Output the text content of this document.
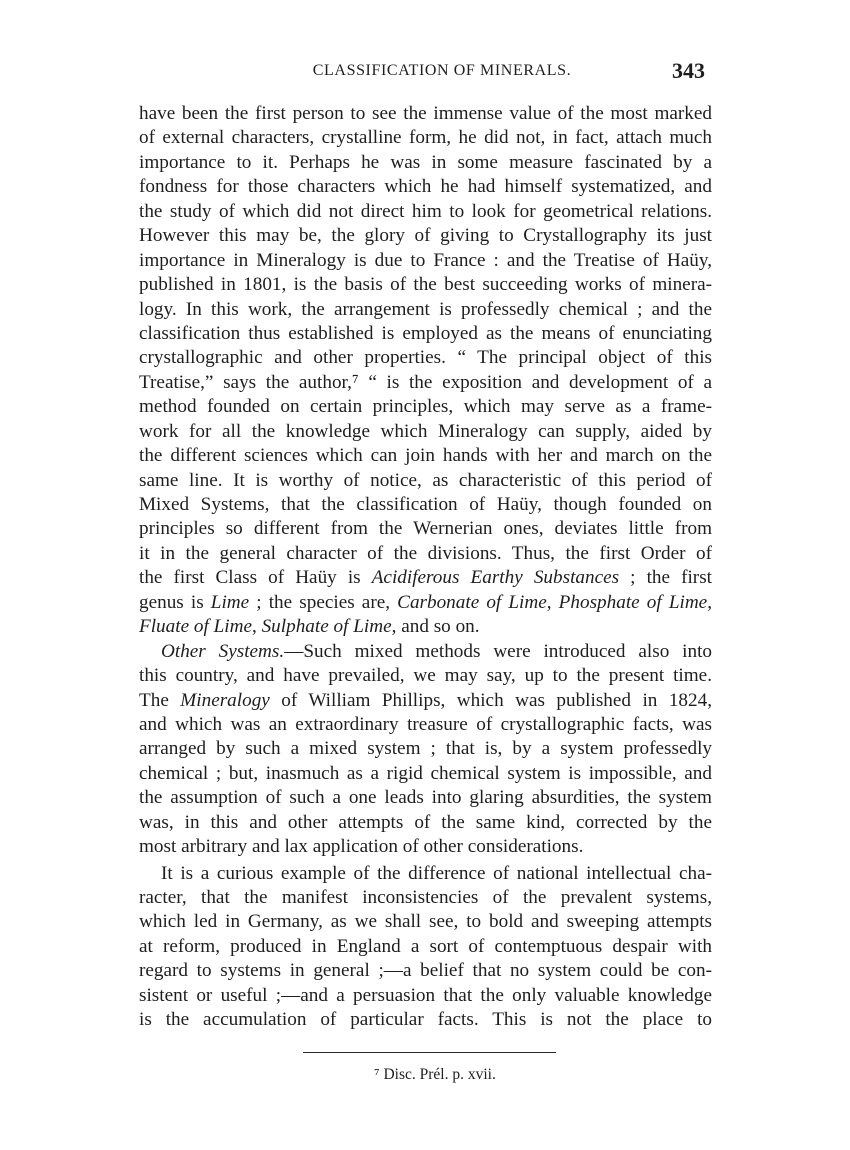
CLASSIFICATION OF MINERALS.	343
have been the first person to see the immense value of the most marked
of external characters, crystalline form, he did not, in fact, attach much
importance to it. Perhaps he was in some measure fascinated by a
fondness for those characters which he had himself systematized, and
the study of which did not direct him to look for geometrical relations.
However this may be, the glory of giving to Crystallography its just
importance in Mineralogy is due to France : and the Treatise of Haüy,
published in 1801, is the basis of the best succeeding works of minera-
logy. In this work, the arrangement is professedly chemical ; and the
classification thus established is employed as the means of enunciating
crystallographic and other properties. “ The principal object of this
Treatise,” says the author,⁷ “ is the exposition and development of a
method founded on certain principles, which may serve as a frame-
work for all the knowledge which Mineralogy can supply, aided by
the different sciences which can join hands with her and march on the
same line. It is worthy of notice, as characteristic of this period of
Mixed Systems, that the classification of Haüy, though founded on
principles so different from the Wernerian ones, deviates little from
it in the general character of the divisions. Thus, the first Order of
the first Class of Haüy is Acidiferous Earthy Substances ; the first
genus is Lime ; the species are, Carbonate of Lime, Phosphate of Lime,
Fluate of Lime, Sulphate of Lime, and so on.
Other Systems.—Such mixed methods were introduced also into
this country, and have prevailed, we may say, up to the present time.
The Mineralogy of William Phillips, which was published in 1824,
and which was an extraordinary treasure of crystallographic facts, was
arranged by such a mixed system ; that is, by a system professedly
chemical ; but, inasmuch as a rigid chemical system is impossible, and
the assumption of such a one leads into glaring absurdities, the system
was, in this and other attempts of the same kind, corrected by the
most arbitrary and lax application of other considerations.
It is a curious example of the difference of national intellectual cha-
racter, that the manifest inconsistencies of the prevalent systems,
which led in Germany, as we shall see, to bold and sweeping attempts
at reform, produced in England a sort of contemptuous despair with
regard to systems in general ;—a belief that no system could be con-
sistent or useful ;—and a persuasion that the only valuable knowledge
is the accumulation of particular facts. This is not the place to
⁷ Disc. Prél. p. xvii.
